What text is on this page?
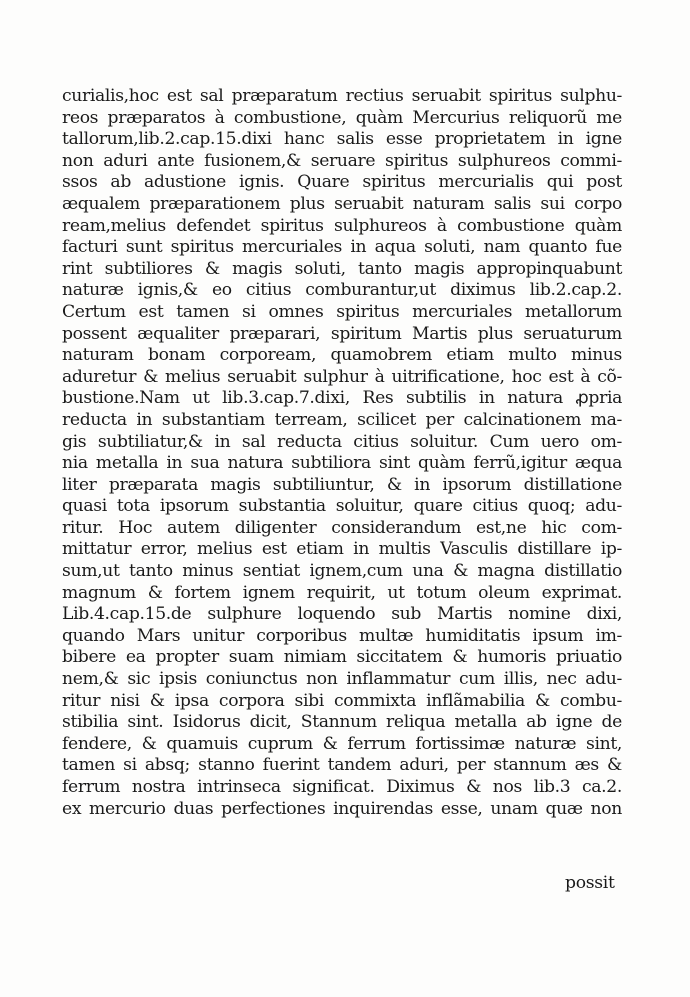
curialis,hoc est sal præparatum rectius seruabit spiritus sulphu-
reos præparatos à combustione, quàm Mercurius reliquorũ me
tallorum,lib.2.cap.15.dixi hanc salis esse proprietatem in igne
non aduri ante fusionem,& seruare spiritus sulphureos commi-
ssos ab adustione ignis. Quare spiritus mercurialis qui post
æqualem præparationem plus seruabit naturam salis sui corpo
ream,melius defendet spiritus sulphureos à combustione quàm
facturi sunt spiritus mercuriales in aqua soluti, nam quanto fue
rint subtiliores & magis soluti, tanto magis appropinquabunt
naturæ ignis,& eo citius comburantur,ut diximus lib.2.cap.2.
Certum est tamen si omnes spiritus mercuriales metallorum
possent æqualiter præparari, spiritum Martis plus seruaturum
naturam bonam corpoream, quamobrem etiam multo minus
aduretur & melius seruabit sulphur à uitrificatione, hoc est à cõ-
bustione.Nam ut lib.3.cap.7.dixi, Res subtilis in natura ꝓpria
reducta in substantiam terream, scilicet per calcinationem ma-
gis subtiliatur,& in sal reducta citius soluitur. Cum uero om-
nia metalla in sua natura subtiliora sint quàm ferrũ,igitur æqua
liter præparata magis subtiliuntur, & in ipsorum distillatione
quasi tota ipsorum substantia soluitur, quare citius quoq; adu-
ritur. Hoc autem diligenter considerandum est,ne hic com-
mittatur error, melius est etiam in multis Vasculis distillare ip-
sum,ut tanto minus sentiat ignem,cum una & magna distillatio
magnum & fortem ignem requirit, ut totum oleum exprimat.
Lib.4.cap.15.de sulphure loquendo sub Martis nomine dixi,
quando Mars unitur corporibus multæ humiditatis ipsum im-
bibere ea propter suam nimiam siccitatem & humoris priuatio
nem,& sic ipsis coniunctus non inflammatur cum illis, nec adu-
ritur nisi & ipsa corpora sibi commixta inflãmabilia & combu-
stibilia sint. Isidorus dicit, Stannum reliqua metalla ab igne de
fendere, & quamuis cuprum & ferrum fortissimæ naturæ sint,
tamen si absq; stanno fuerint tandem aduri, per stannum æs &
ferrum nostra intrinseca significat. Diximus & nos lib.3 ca.2.
ex mercurio duas perfectiones inquirendas esse, unam quæ non
possit
